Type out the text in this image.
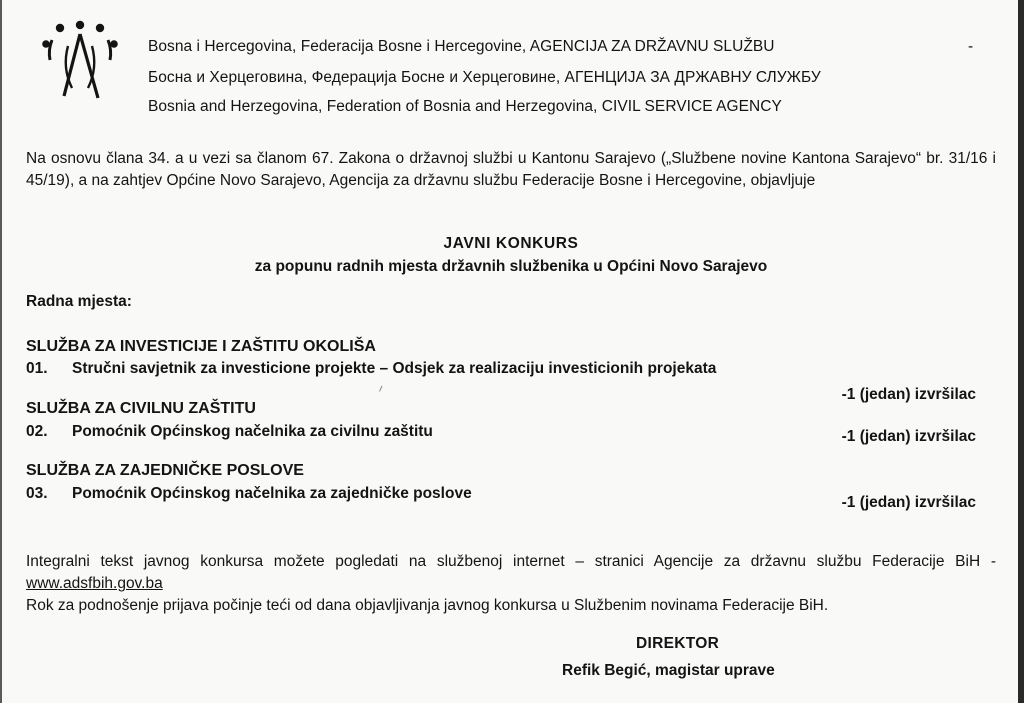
Bosna i Hercegovina, Federacija Bosne i Hercegovine, AGENCIJA ZA DRŽAVNU SLUŽBU	-
Босна и Херцеговина, Федерација Босне и Херцеговине, АГЕНЦИЈА ЗА ДРЖАВНУ СЛУЖБУ
Bosnia and Herzegovina, Federation of Bosnia and Herzegovina, CIVIL SERVICE AGENCY
Na osnovu člana 34. a u vezi sa članom 67. Zakona o državnoj službi u Kantonu Sarajevo („Službene novine Kantona Sarajevo“ br. 31/16 i 45/19), a na zahtjev Općine Novo Sarajevo, Agencija za državnu službu Federacije Bosne i Hercegovine, objavljuje
JAVNI KONKURS
za popunu radnih mjesta državnih službenika u Općini Novo Sarajevo
Radna mjesta:
SLUŽBA ZA INVESTICIJE I ZAŠTITU OKOLIŠA
01. Stručni savjetnik za investicione projekte – Odsjek za realizaciju investicionih projekata
-1 (jedan) izvršilac
SLUŽBA ZA CIVILNU ZAŠTITU
02. Pomoćnik Općinskog načelnika za civilnu zaštitu	-1 (jedan) izvršilac
SLUŽBA ZA ZAJEDNIČKE POSLOVE
03. Pomoćnik Općinskog načelnika za zajedničke poslove
-1 (jedan) izvršilac

Integralni tekst javnog konkursa možete pogledati na službenoj internet – stranici Agencije za državnu službu Federacije BiH - www.adsfbih.gov.ba

Rok za podnošenje prijava počinje teći od dana objavljivanja javnog konkursa u Službenim novinama Federacije BiH.

DIREKTOR
Refik Begić, magistar uprave
